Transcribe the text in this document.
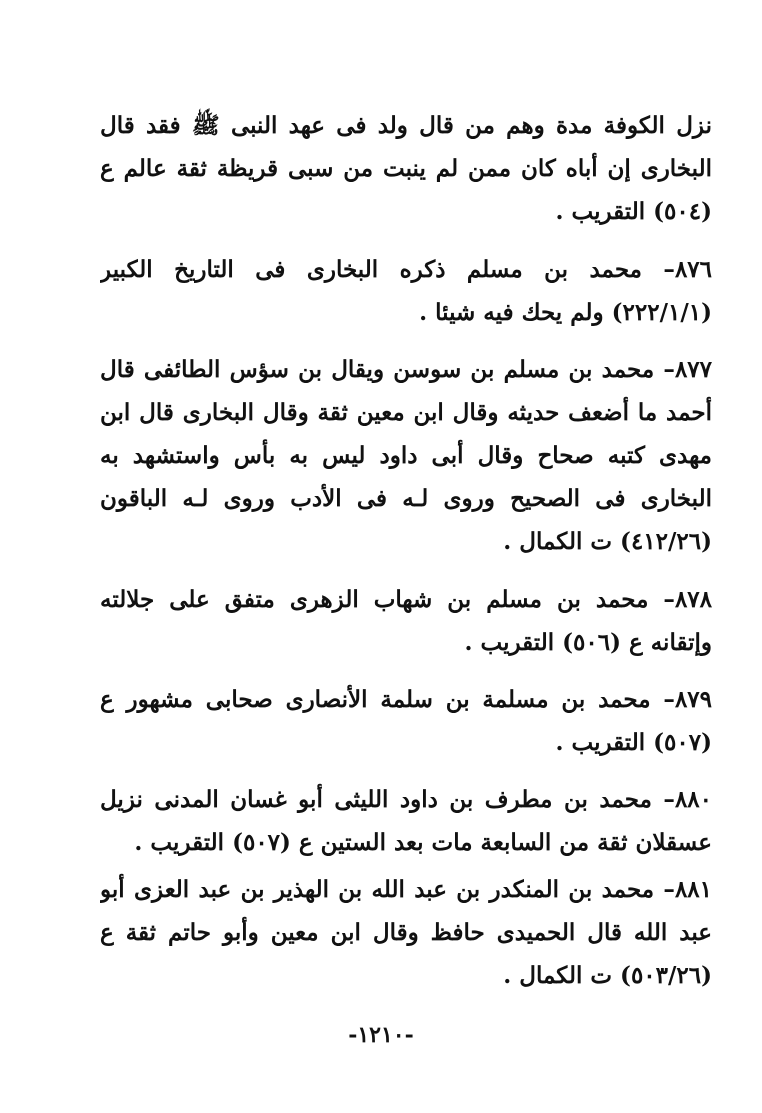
نزل الكوفة مدة وهم من قال ولد فى عهد النبى ﷺ فقد قال
البخارى إن أباه كان ممن لم ينبت من سبى قريظة ثقة عالم ع
(٥٠٤) التقريب .
٨٧٦– محمد بن مسلم ذكره البخارى فى التاريخ الكبير
(٢٢٢/١/١) ولم يحك فيه شيئا .
٨٧٧– محمد بن مسلم بن سوسن ويقال بن سؤس الطائفى قال
أحمد ما أضعف حديثه وقال ابن معين ثقة وقال البخارى قال ابن
مهدى كتبه صحاح وقال أبى داود ليس به بأس واستشهد به
البخارى فى الصحيح وروى لـه فى الأدب وروى لـه الباقون
(٤١٢/٢٦) ت الكمال .
٨٧٨– محمد بن مسلم بن شهاب الزهرى متفق على جلالته
وإتقانه ع (٥٠٦) التقريب .
٨٧٩– محمد بن مسلمة بن سلمة الأنصارى صحابى مشهور ع
(٥٠٧) التقريب .
٨٨٠– محمد بن مطرف بن داود الليثى أبو غسان المدنى نزيل
عسقلان ثقة من السابعة مات بعد الستين ع (٥٠٧) التقريب .
٨٨١– محمد بن المنكدر بن عبد الله بن الهذير بن عبد العزى أبو
عبد الله قال الحميدى حافظ وقال ابن معين وأبو حاتم ثقة ع
(٥٠٣/٢٦) ت الكمال .
-١٢١٠-
